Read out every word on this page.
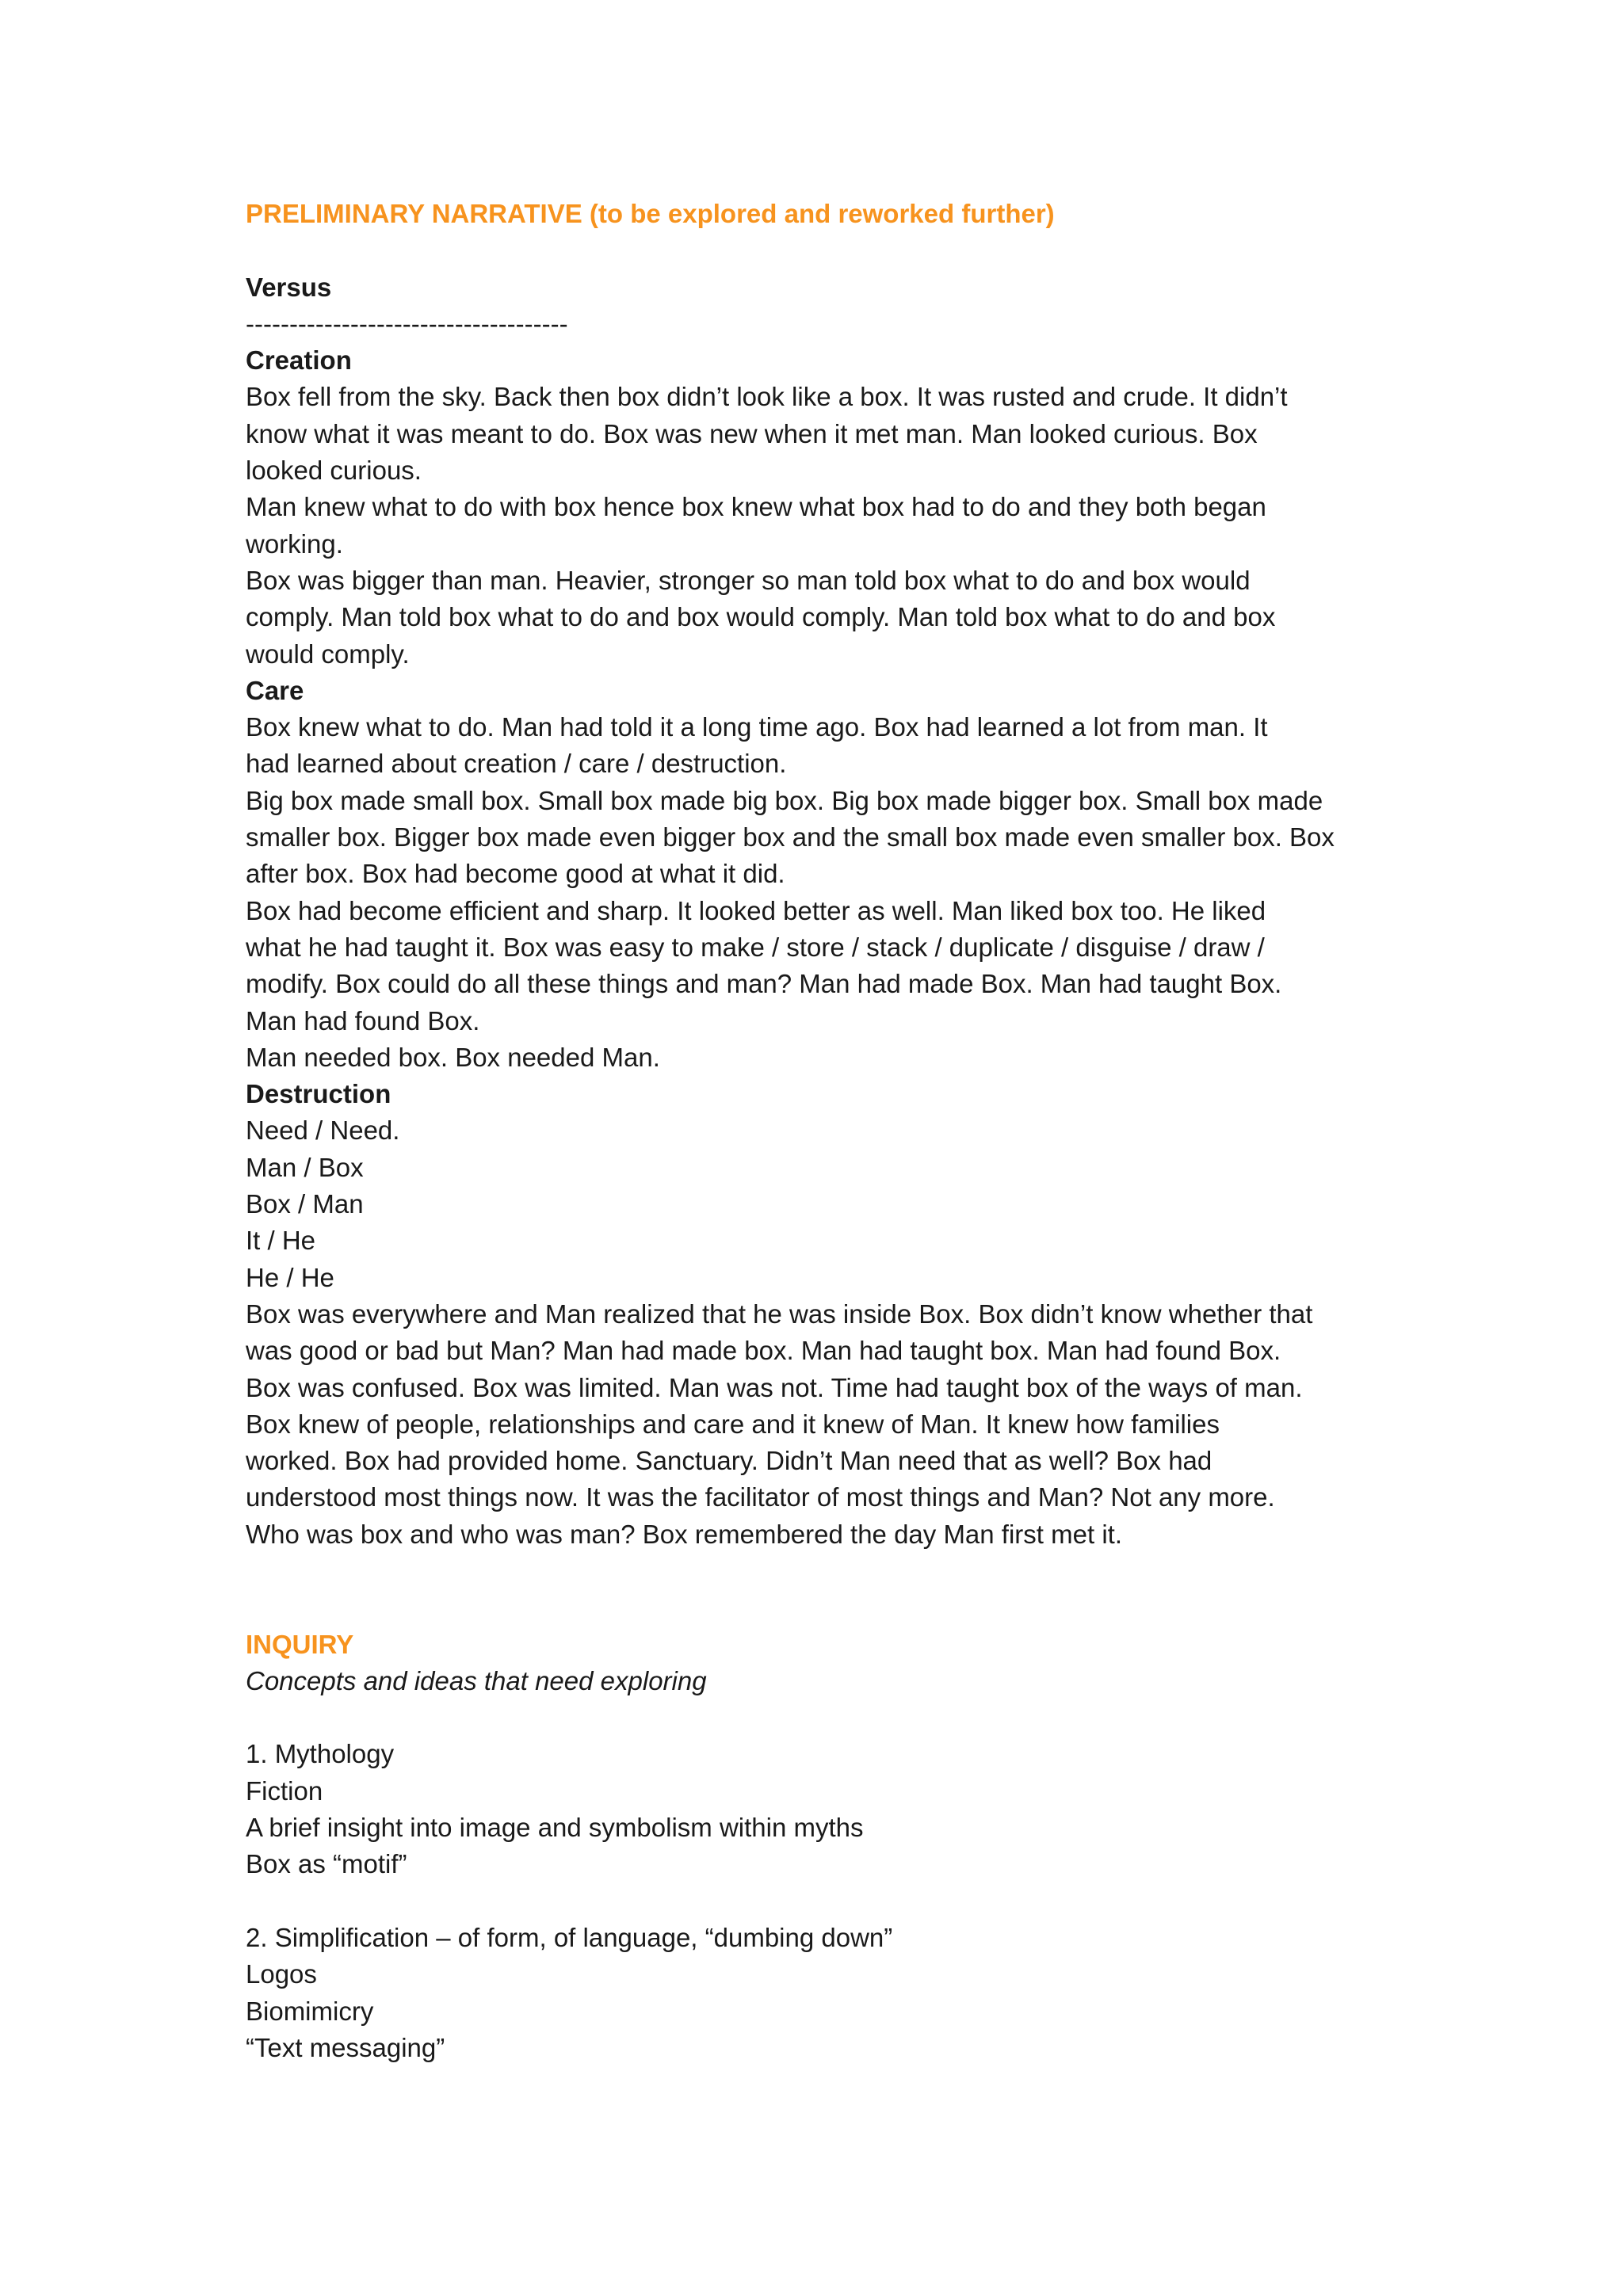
PRELIMINARY NARRATIVE (to be explored and reworked further)
Versus
-------------------------------------
Creation
Box fell from the sky. Back then box didn’t look like a box. It was rusted and crude. It didn’t
know what it was meant to do. Box was new when it met man. Man looked curious. Box
looked curious.
Man knew what to do with box hence box knew what box had to do and they both began
working.
Box was bigger than man. Heavier, stronger so man told box what to do and box would
comply. Man told box what to do and box would comply. Man told box what to do and box
would comply.
Care
Box knew what to do. Man had told it a long time ago. Box had learned a lot from man. It
had learned about creation / care / destruction.
Big box made small box. Small box made big box. Big box made bigger box. Small box made
smaller box. Bigger box made even bigger box and the small box made even smaller box. Box
after box. Box had become good at what it did.
Box had become efficient and sharp. It looked better as well. Man liked box too. He liked
what he had taught it. Box was easy to make / store / stack / duplicate / disguise / draw /
modify. Box could do all these things and man? Man had made Box. Man had taught Box.
Man had found Box.
Man needed box. Box needed Man.
Destruction
Need / Need.
Man / Box
Box / Man
It / He
He / He
Box was everywhere and Man realized that he was inside Box. Box didn’t know whether that
was good or bad but Man? Man had made box. Man had taught box. Man had found Box.
Box was confused. Box was limited. Man was not. Time had taught box of the ways of man.
Box knew of people, relationships and care and it knew of Man. It knew how families
worked. Box had provided home. Sanctuary. Didn’t Man need that as well? Box had
understood most things now. It was the facilitator of most things and Man? Not any more.
Who was box and who was man? Box remembered the day Man first met it.
INQUIRY
Concepts and ideas that need exploring
1. Mythology
Fiction
A brief insight into image and symbolism within myths
Box as “motif”
2. Simplification – of form, of language, “dumbing down”
Logos
Biomimicry
“Text messaging”
